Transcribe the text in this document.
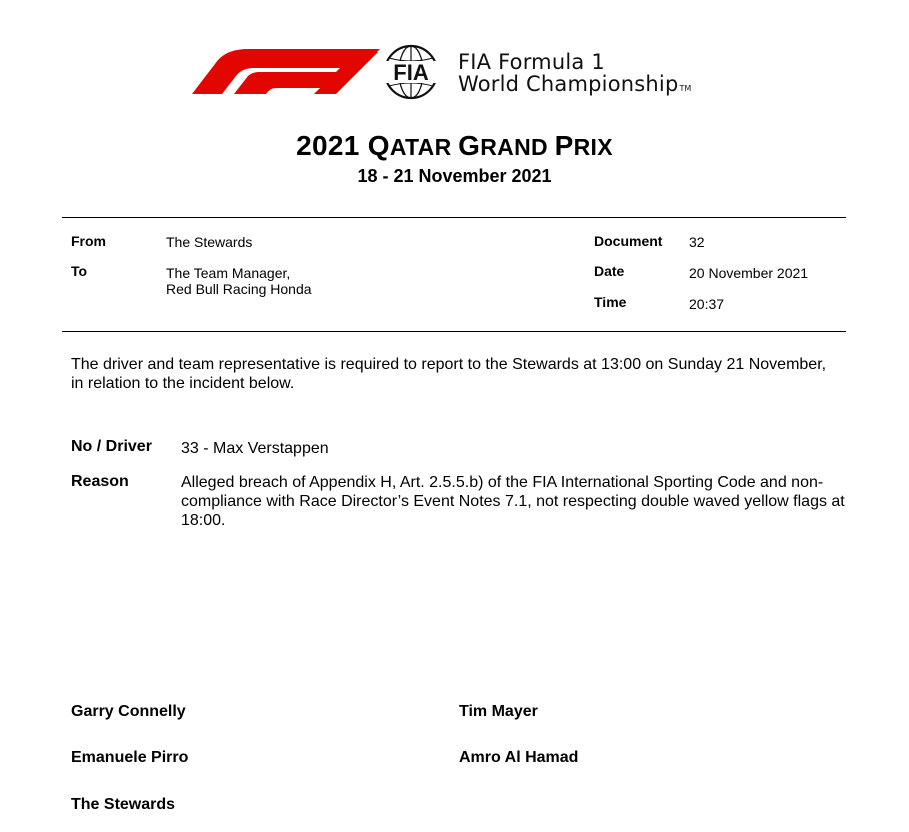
FIA FIA Formula 1
World ChampionshipTM
2021 QATAR GRAND PRIX
18 - 21 November 2021
From	The Stewards
To	The Team Manager,
Red Bull Racing Honda
Document 32
Date	20 November 2021
Time	20:37
The driver and team representative is required to report to the Stewards at 13:00 on Sunday 21 November, in relation to the incident below.
No / Driver 33 - Max Verstappen
Reason	Alleged breach of Appendix H, Art. 2.5.5.b) of the FIA International Sporting Code and non-compliance with Race Director’s Event Notes 7.1, not respecting double waved yellow flags at 18:00.
Garry Connelly	Tim Mayer
Emanuele Pirro	Amro Al Hamad
The Stewards
